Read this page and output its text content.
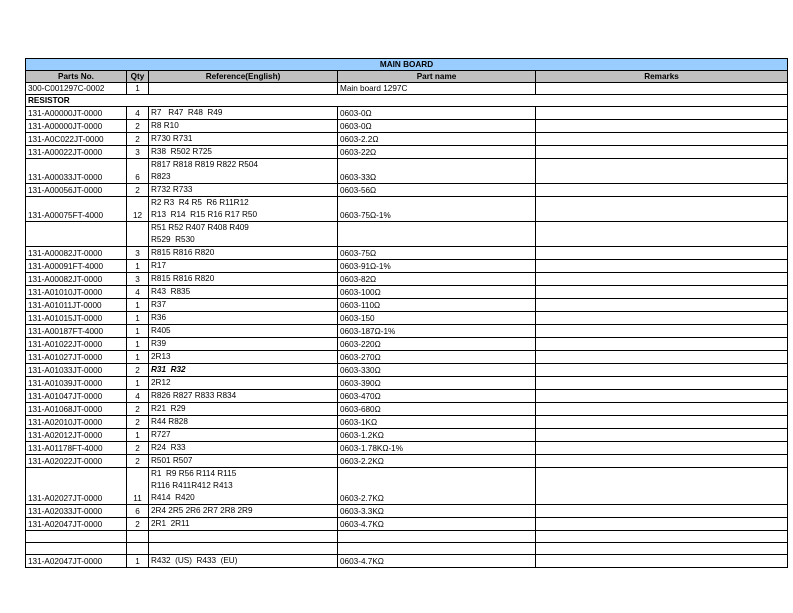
MAIN BOARD				
Parts No.	Qty	Reference(English)	Part name	Remarks
300-C001297C-0002	1		Main board 1297C	
RESISTOR				
131-A00000JT-0000	4	R7   R47  R48  R49	0603-0Ω	
131-A00000JT-0000	2	R8 R10	0603-0Ω	
131-A0C022JT-0000	2	R730 R731	0603-2.2Ω	
131-A00022JT-0000	3	R38  R502 R725	0603-22Ω	
131-A00033JT-0000	6	R817 R818 R819 R822 R504
R823	0603-33Ω	
131-A00056JT-0000	2	R732 R733	0603-56Ω	
131-A00075FT-4000	12	R2 R3  R4 R5  R6 R11R12
R13  R14  R15 R16 R17 R50	0603-75Ω-1%	

		R51 R52 R407 R408 R409
R529  R530		

131-A00082JT-0000	3	R815 R816 R820	0603-75Ω	
131-A00091FT-4000	1	R17	0603-91Ω-1%	
131-A00082JT-0000	3	R815 R816 R820	0603-82Ω	
131-A01010JT-0000	4	R43  R835	0603-100Ω	
131-A01011JT-0000	1	R37	0603-110Ω	
131-A01015JT-0000	1	R36	0603-150	
131-A00187FT-4000	1	R405	0603-187Ω-1%	
131-A01022JT-0000	1	R39	0603-220Ω	
131-A01027JT-0000	1	2R13	0603-270Ω	
131-A01033JT-0000	2	R31  R32	0603-330Ω	
131-A01039JT-0000	1	2R12	0603-390Ω	
131-A01047JT-0000	4	R826 R827 R833 R834	0603-470Ω	
131-A01068JT-0000	2	R21  R29	0603-680Ω	
131-A02010JT-0000	2	R44 R828	0603-1KΩ	
131-A02012JT-0000	1	R727	0603-1.2KΩ	
131-A01178FT-4000	2	R24  R33	0603-1.78KΩ-1%	
131-A02022JT-0000	2	R501 R507	0603-2.2KΩ	
131-A02027JT-0000	11	R1  R9 R56 R114 R115
R116 R411R412 R413
R414  R420	0603-2.7KΩ	
131-A02033JT-0000	6	2R4 2R5 2R6 2R7 2R8 2R9	0603-3.3KΩ	
131-A02047JT-0000	2	2R1  2R11	0603-4.7KΩ	

131-A02047JT-0000	1	R432  (US)  R433  (EU)	0603-4.7KΩ	
